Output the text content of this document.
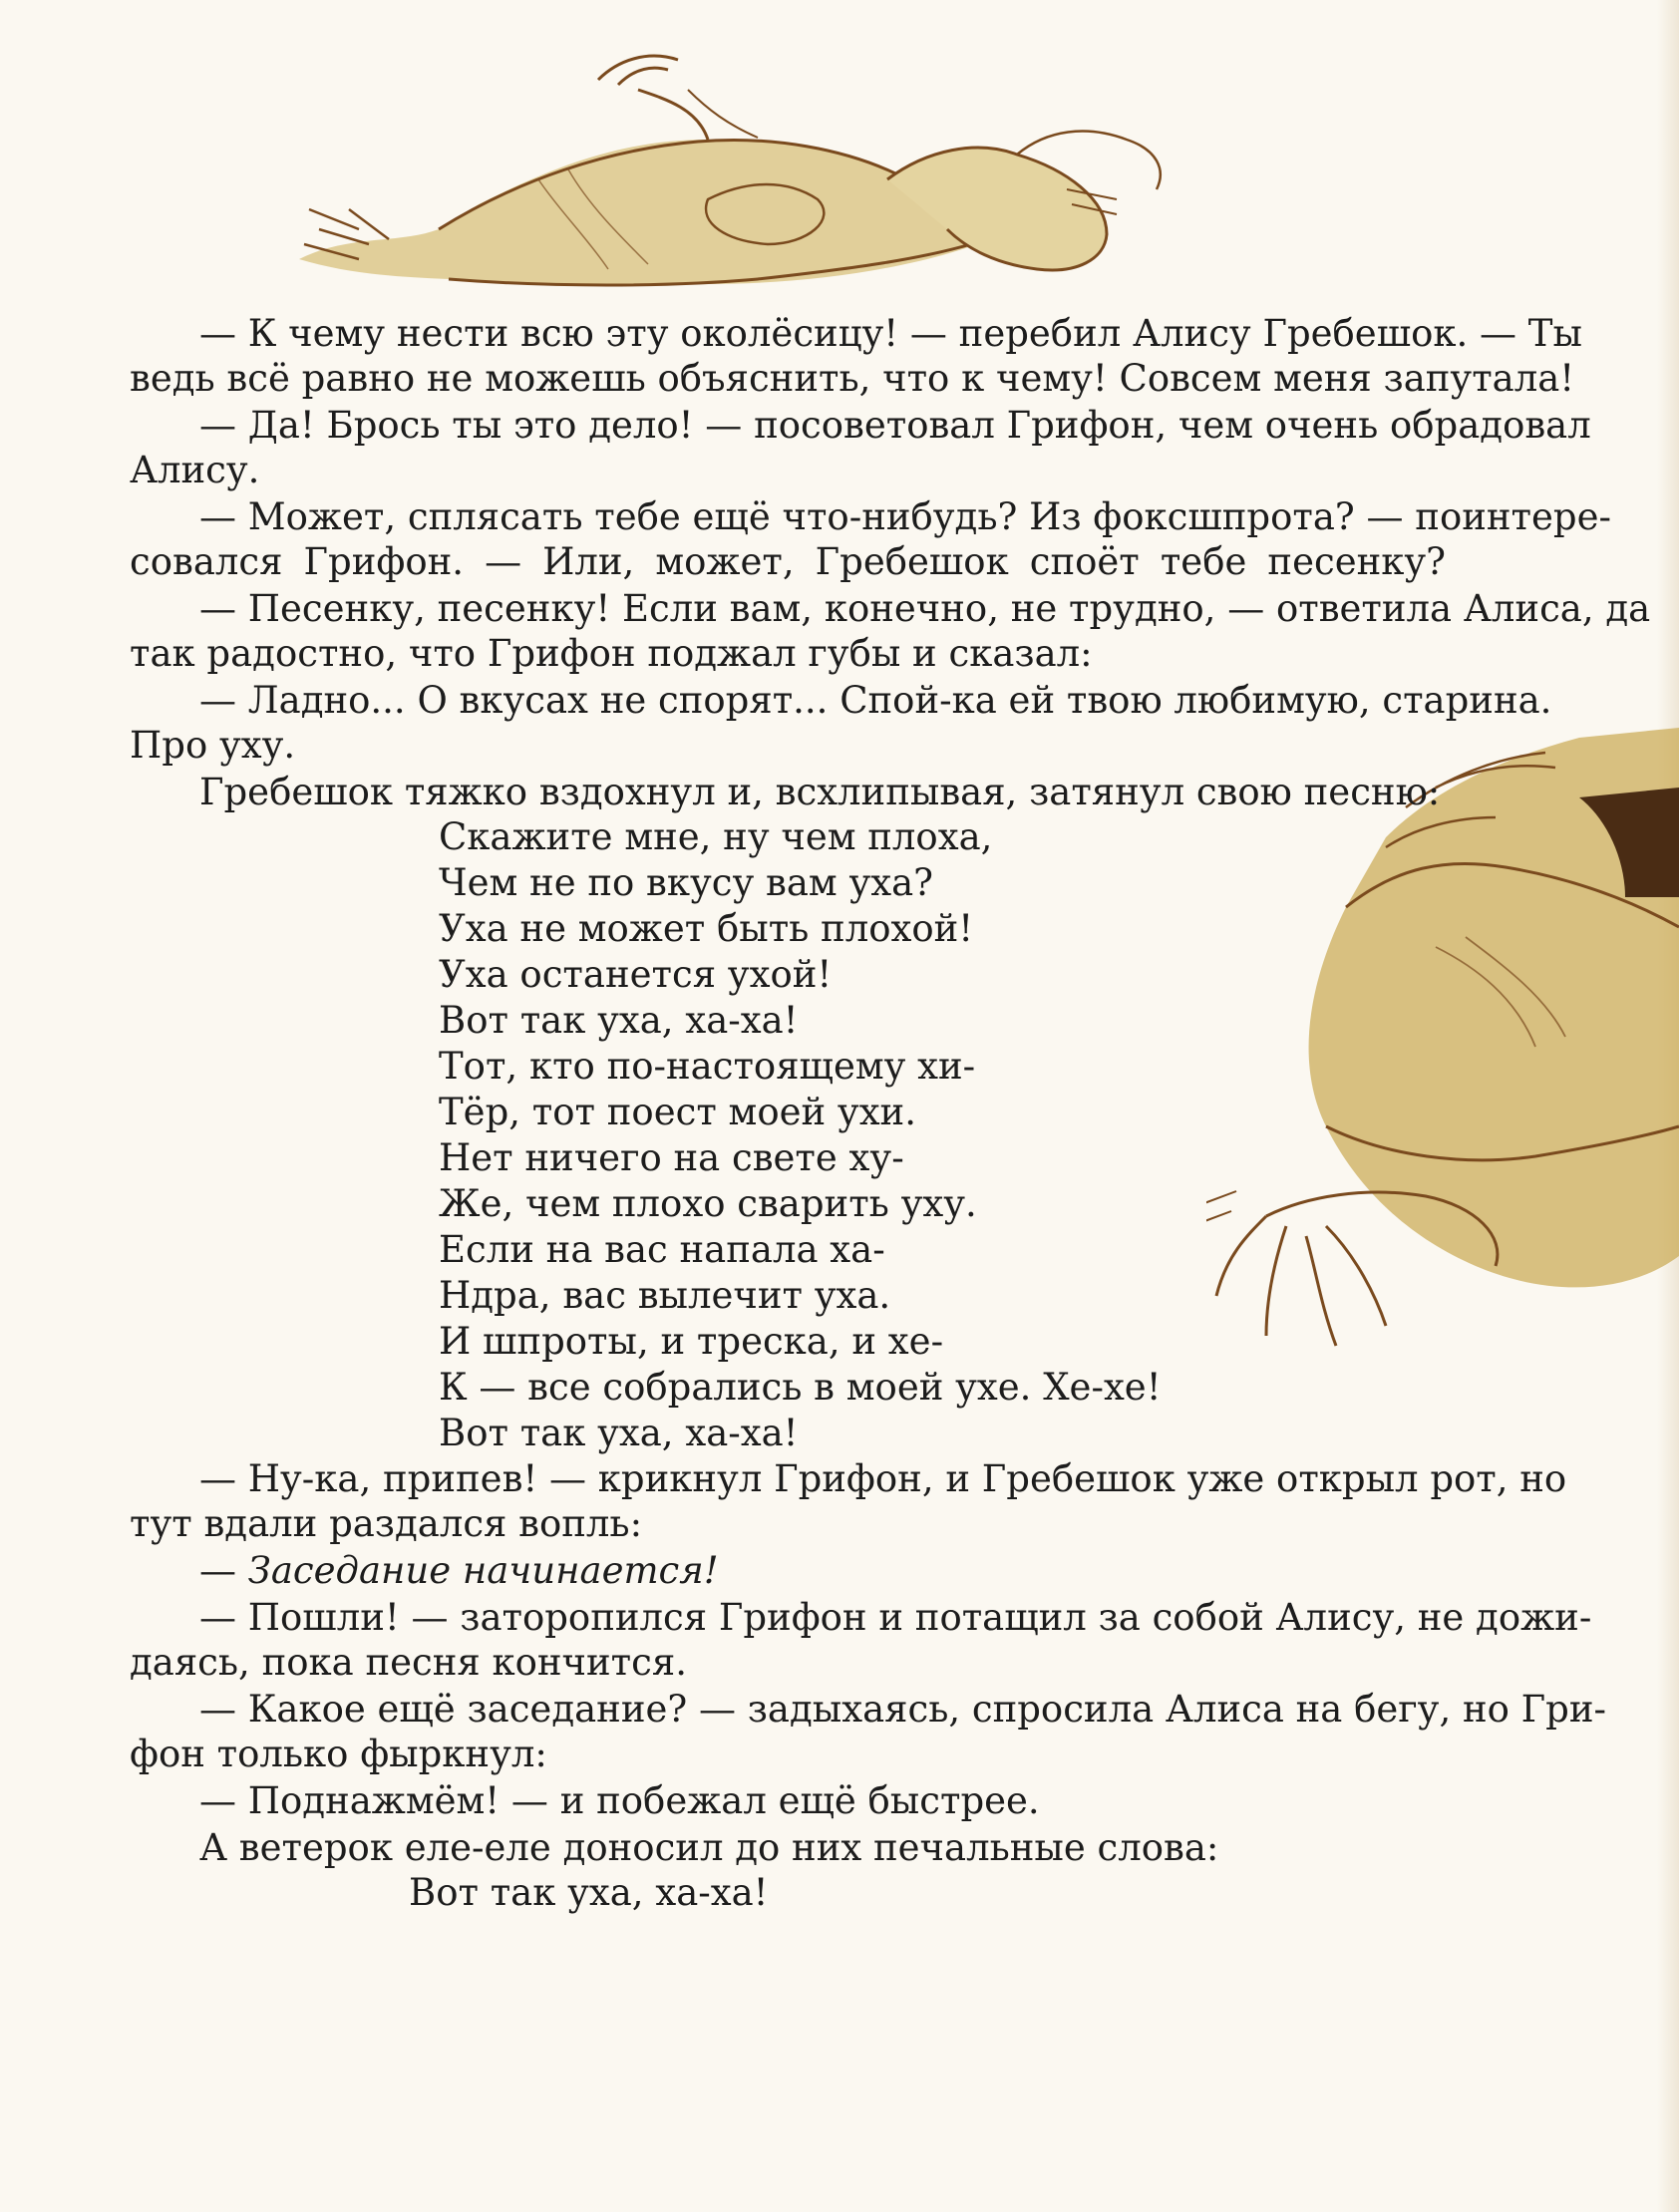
— К чему нести всю эту околёсицу! — перебил Алису Гребешок. — Ты
ведь всё равно не можешь объяснить, что к чему! Совсем меня запутала!
— Да! Брось ты это дело! — посоветовал Грифон, чем очень обрадовал
Алису.
— Может, сплясать тебе ещё что-нибудь? Из фоксшпрота? — поинтере-
совался Грифон. — Или, может, Гребешок споёт тебе песенку?
— Песенку, песенку! Если вам, конечно, не трудно, — ответила Алиса, да
так радостно, что Грифон поджал губы и сказал:
— Ладно... О вкусах не спорят... Спой-ка ей твою любимую, старина.
Про уху.
Гребешок тяжко вздохнул и, всхлипывая, затянул свою песню:
Скажите мне, ну чем плоха,
Чем не по вкусу вам уха?
Уха не может быть плохой!
Уха останется ухой!
Вот так уха, ха-ха!
Тот, кто по-настоящему хи-
Тёр, тот поест моей ухи.
Нет ничего на свете ху-
Же, чем плохо сварить уху.
Если на вас напала ха-
Ндра, вас вылечит уха.
И шпроты, и треска, и хе-
К — все собрались в моей ухе. Хе-хе!
Вот так уха, ха-ха!
— Ну-ка, припев! — крикнул Грифон, и Гребешок уже открыл рот, но
тут вдали раздался вопль:
— Заседание начинается!
— Пошли! — заторопился Грифон и потащил за собой Алису, не дожи-
даясь, пока песня кончится.
— Какое ещё заседание? — задыхаясь, спросила Алиса на бегу, но Гри-
фон только фыркнул:
— Поднажмём! — и побежал ещё быстрее.
А ветерок еле-еле доносил до них печальные слова:
Вот так уха, ха-ха!
